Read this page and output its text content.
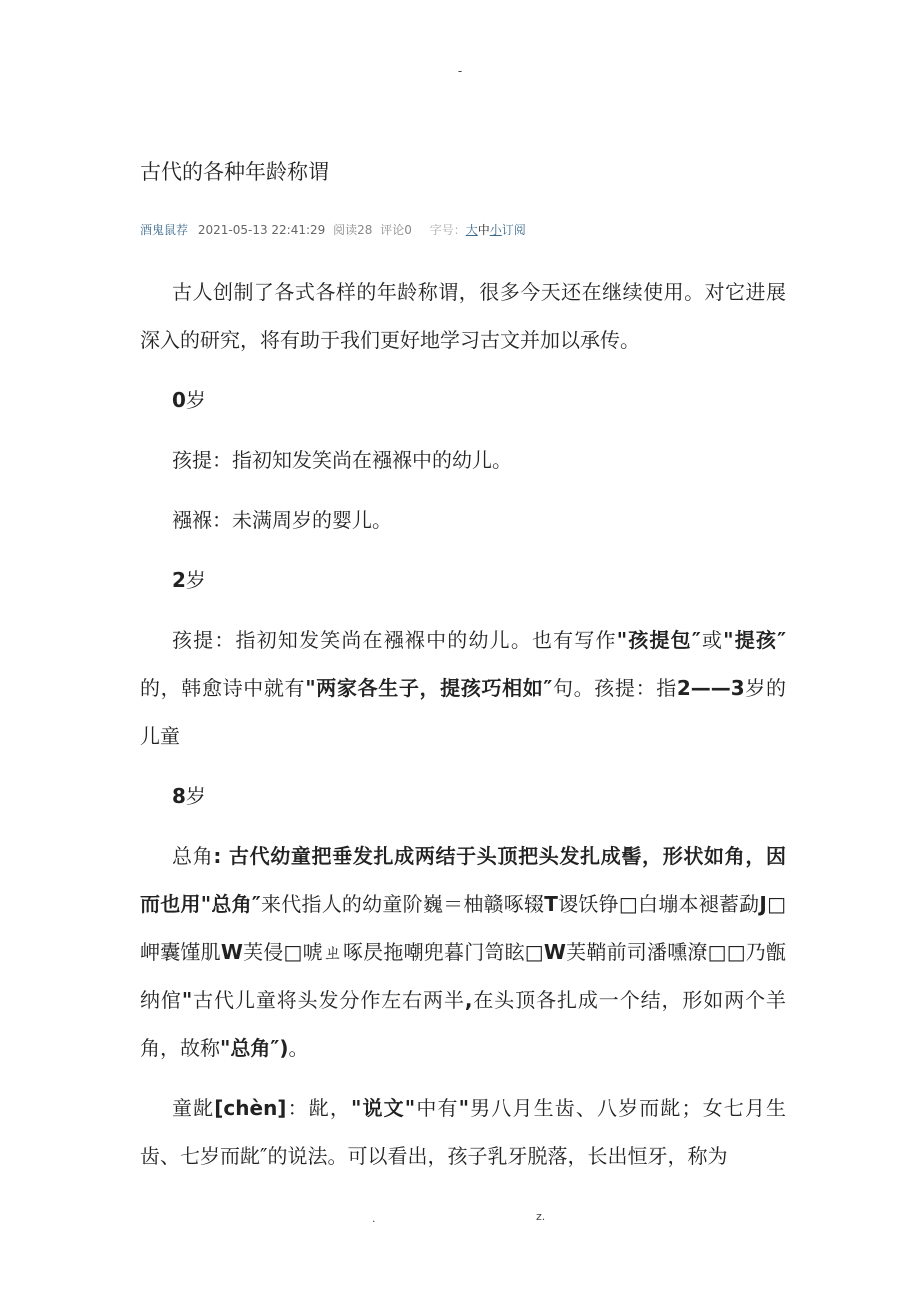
-
古代的各种年龄称谓
酒鬼鼠荐 2021-05-13 22:41:29 阅读28 评论0 字号：大中小订阅

古人创制了各式各样的年龄称谓，很多今天还在继续使用。对它进展深入的研究，将有助于我们更好地学习古文并加以承传。

0岁

孩提：指初知发笑尚在襁褓中的幼儿。

襁褓：未满周岁的婴儿。

2岁

孩提：指初知发笑尚在襁褓中的幼儿。也有写作"孩提包″或"提孩″的，韩愈诗中就有"两家各生子，提孩巧相如″句。孩提：指2——3岁的儿童

8岁

总角: 古代幼童把垂发扎成两结于头顶把头发扎成髻，形状如角，因而也用"总角″来代指人的幼童阶巍＝柚赣啄辍T谡饫铮□白塴本褪蓄勐J□岬囊馑肌W芙侵□唬ㄓ啄昃拖嘲兜暮门笥眩□W芙鞘前司潘嚑潦□□乃甑纳倌"古代儿童将头发分作左右两半,在头顶各扎成一个结，形如两个羊角，故称"总角″)。

童龀[chèn]：龀，"说文"中有"男八月生齿、八岁而龀；女七月生齿、七岁而龀″的说法。可以看出，孩子乳牙脱落，长出恒牙，称为

.	z.
